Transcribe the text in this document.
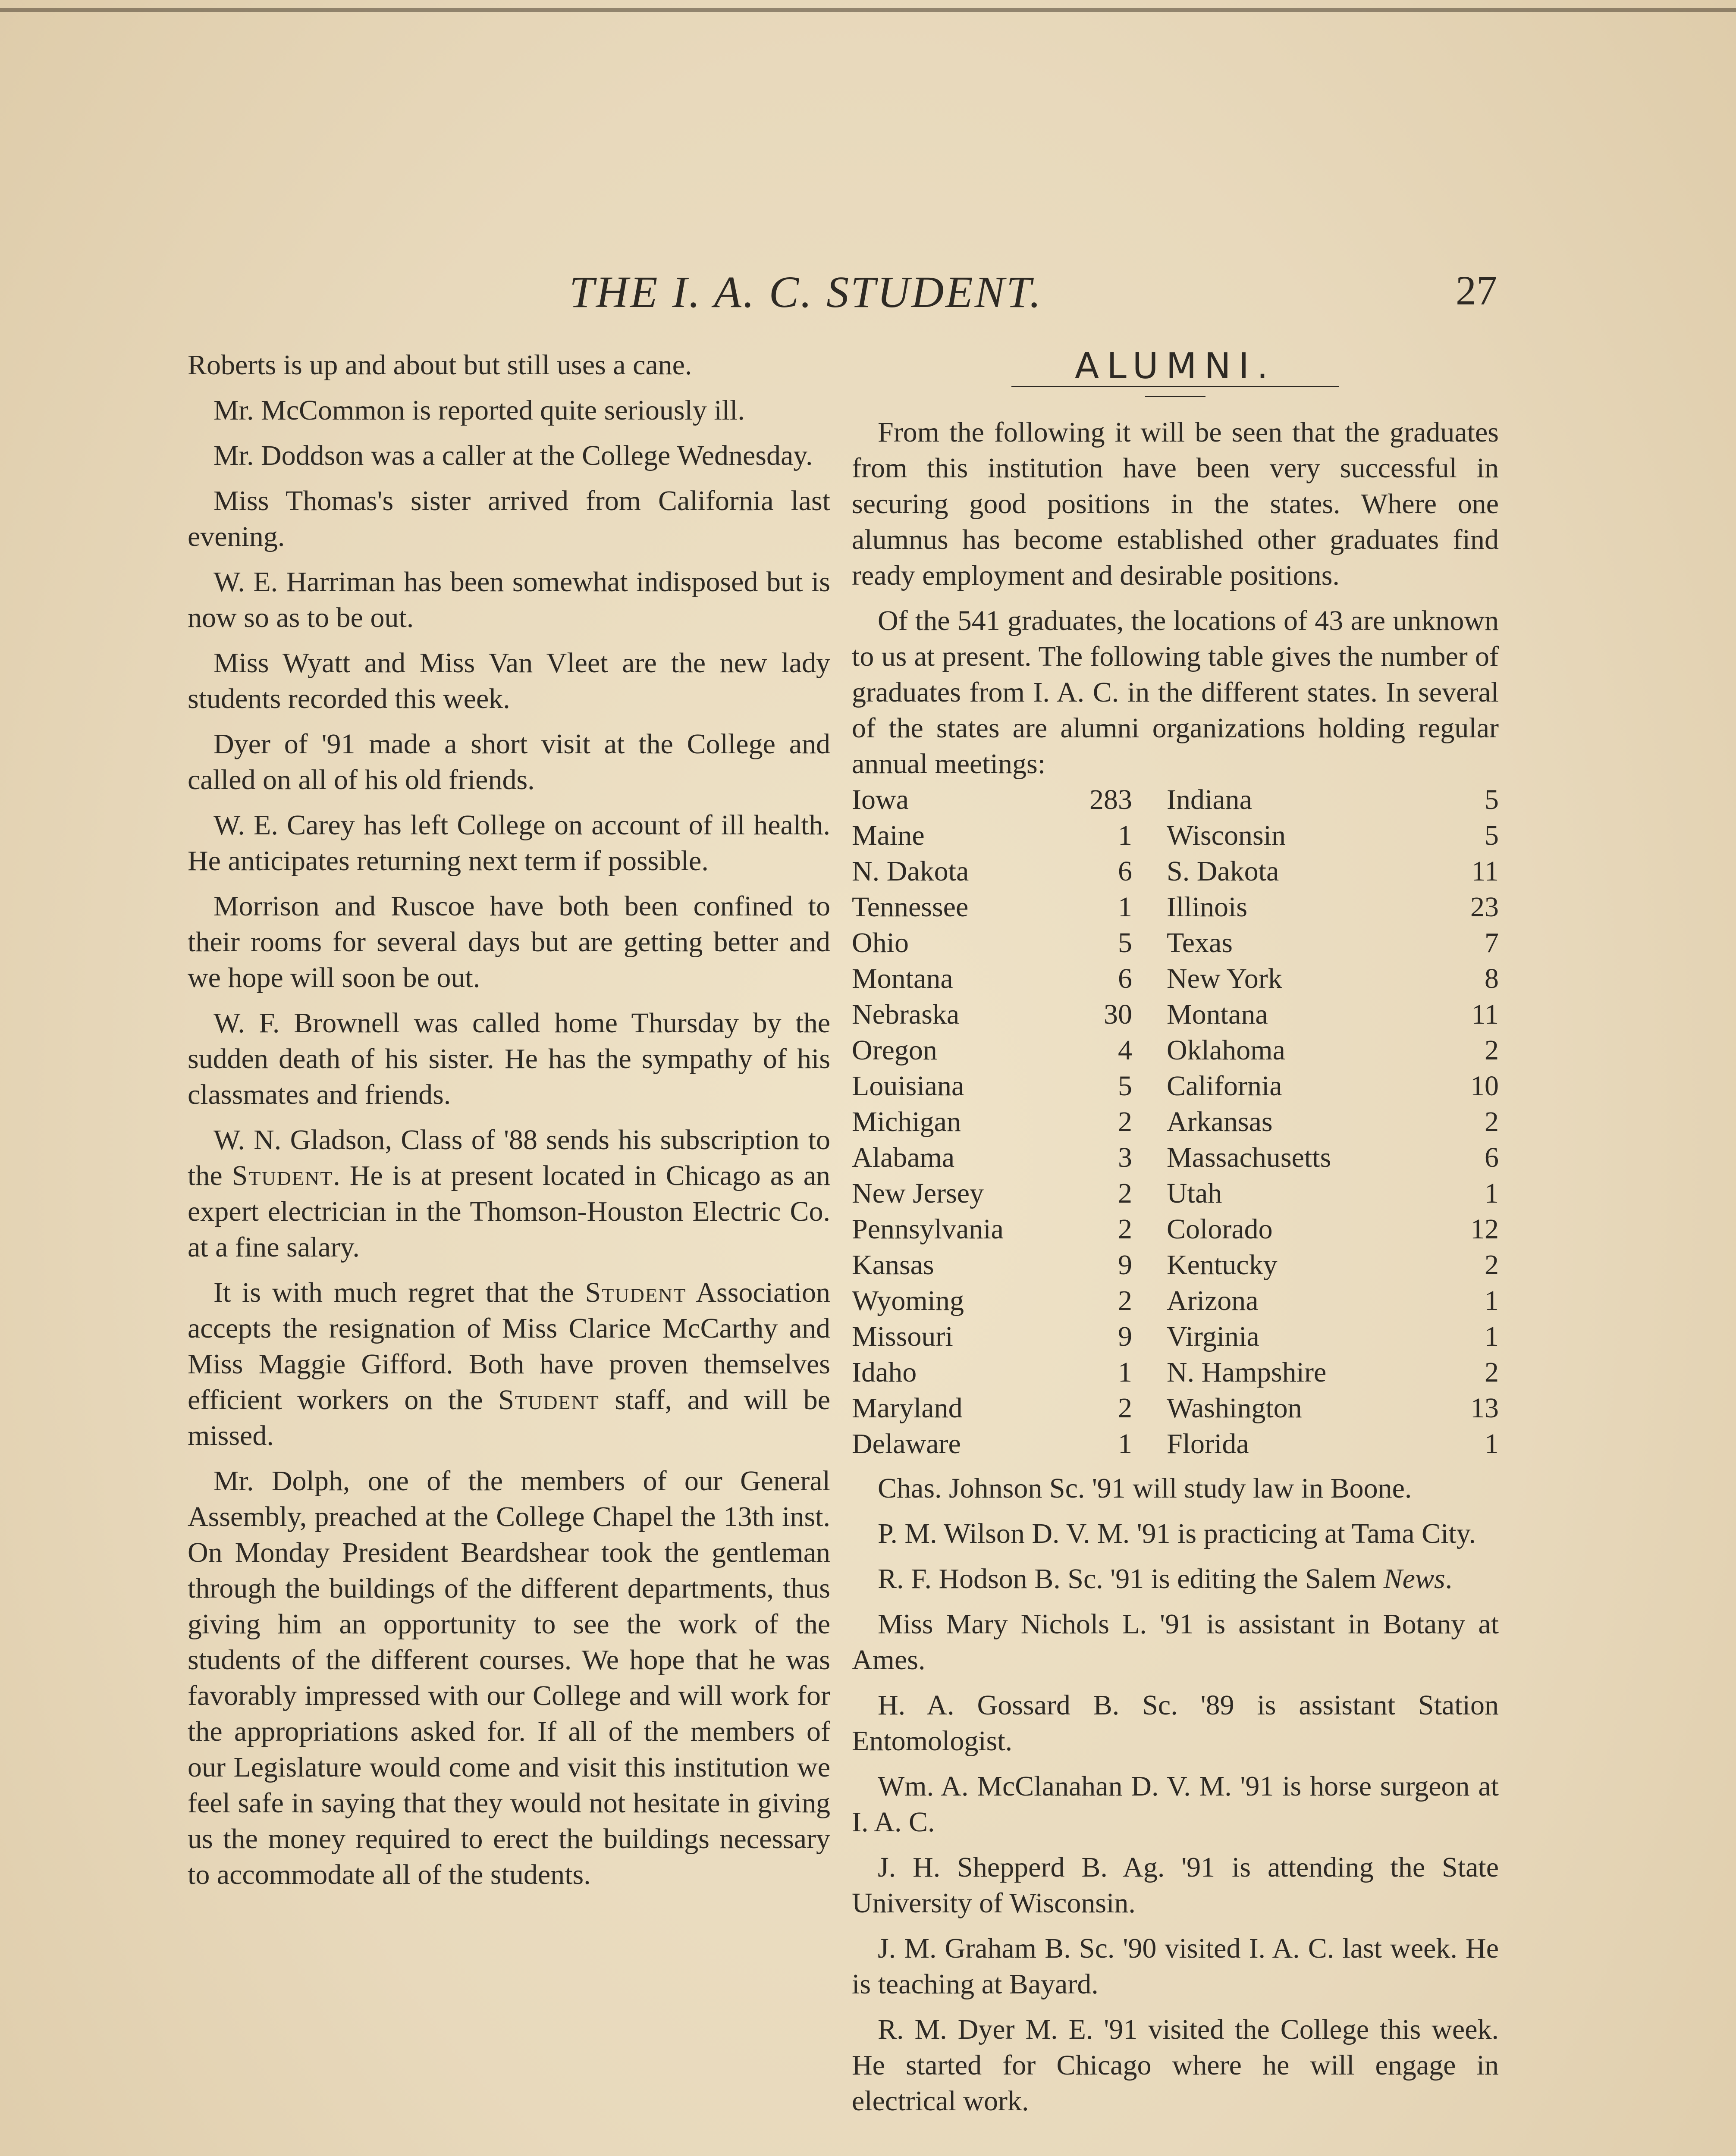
THE I. A. C. STUDENT.	27

Roberts is up and about but still uses a cane.

Mr. McCommon is reported quite seriously ill.

Mr. Doddson was a caller at the College Wednesday.

Miss Thomas's sister arrived from California last evening.

W. E. Harriman has been somewhat indisposed but is now so as to be out.

Miss Wyatt and Miss Van Vleet are the new lady students recorded this week.

Dyer of '91 made a short visit at the College and called on all of his old friends.

W. E. Carey has left College on account of ill health. He anticipates returning next term if possible.

Morrison and Ruscoe have both been confined to their rooms for several days but are getting better and we hope will soon be out.

W. F. Brownell was called home Thursday by the sudden death of his sister. He has the sympathy of his classmates and friends.

W. N. Gladson, Class of '88 sends his subscription to the Student. He is at present located in Chicago as an expert electrician in the Thomson-Houston Electric Co. at a fine salary.

It is with much regret that the Student Association accepts the resignation of Miss Clarice McCarthy and Miss Maggie Gifford. Both have proven themselves efficient workers on the Student staff, and will be missed.

Mr. Dolph, one of the members of our General Assembly, preached at the College Chapel the 13th inst. On Monday President Beardshear took the gentleman through the buildings of the different departments, thus giving him an opportunity to see the work of the students of the different courses. We hope that he was favorably impressed with our College and will work for the appropriations asked for. If all of the members of our Legislature would come and visit this institution we feel safe in saying that they would not hesitate in giving us the money required to erect the buildings necessary to accommodate all of the students.

ALUMNI.

From the following it will be seen that the graduates from this institution have been very successful in securing good positions in the states. Where one alumnus has become established other graduates find ready employment and desirable positions.

Of the 541 graduates, the locations of 43 are unknown to us at present. The following table gives the number of graduates from I. A. C. in the different states. In several of the states are alumni organizations holding regular annual meetings:

Iowa	283	Indiana	5
Maine	1	Wisconsin	5
N. Dakota	6	S. Dakota	11
Tennessee	1	Illinois	23
Ohio	5	Texas	7
Montana	6	New York	8
Nebraska	30	Montana	11
Oregon	4	Oklahoma	2
Louisiana	5	California	10
Michigan	2	Arkansas	2
Alabama	3	Massachusetts	6
New Jersey	2	Utah	1
Pennsylvania	2	Colorado	12
Kansas	9	Kentucky	2
Wyoming	2	Arizona	1
Missouri	9	Virginia	1
Idaho	1	N. Hampshire	2
Maryland	2	Washington	13
Delaware	1	Florida	1

Chas. Johnson Sc. '91 will study law in Boone.

P. M. Wilson D. V. M. '91 is practicing at Tama City.

R. F. Hodson B. Sc. '91 is editing the Salem News.

Miss Mary Nichols L. '91 is assistant in Botany at Ames.

H. A. Gossard B. Sc. '89 is assistant Station Entomologist.

Wm. A. McClanahan D. V. M. '91 is horse surgeon at I. A. C.

J. H. Shepperd B. Ag. '91 is attending the State University of Wisconsin.

J. M. Graham B. Sc. '90 visited I. A. C. last week. He is teaching at Bayard.

R. M. Dyer M. E. '91 visited the College this week. He started for Chicago where he will engage in electrical work.
